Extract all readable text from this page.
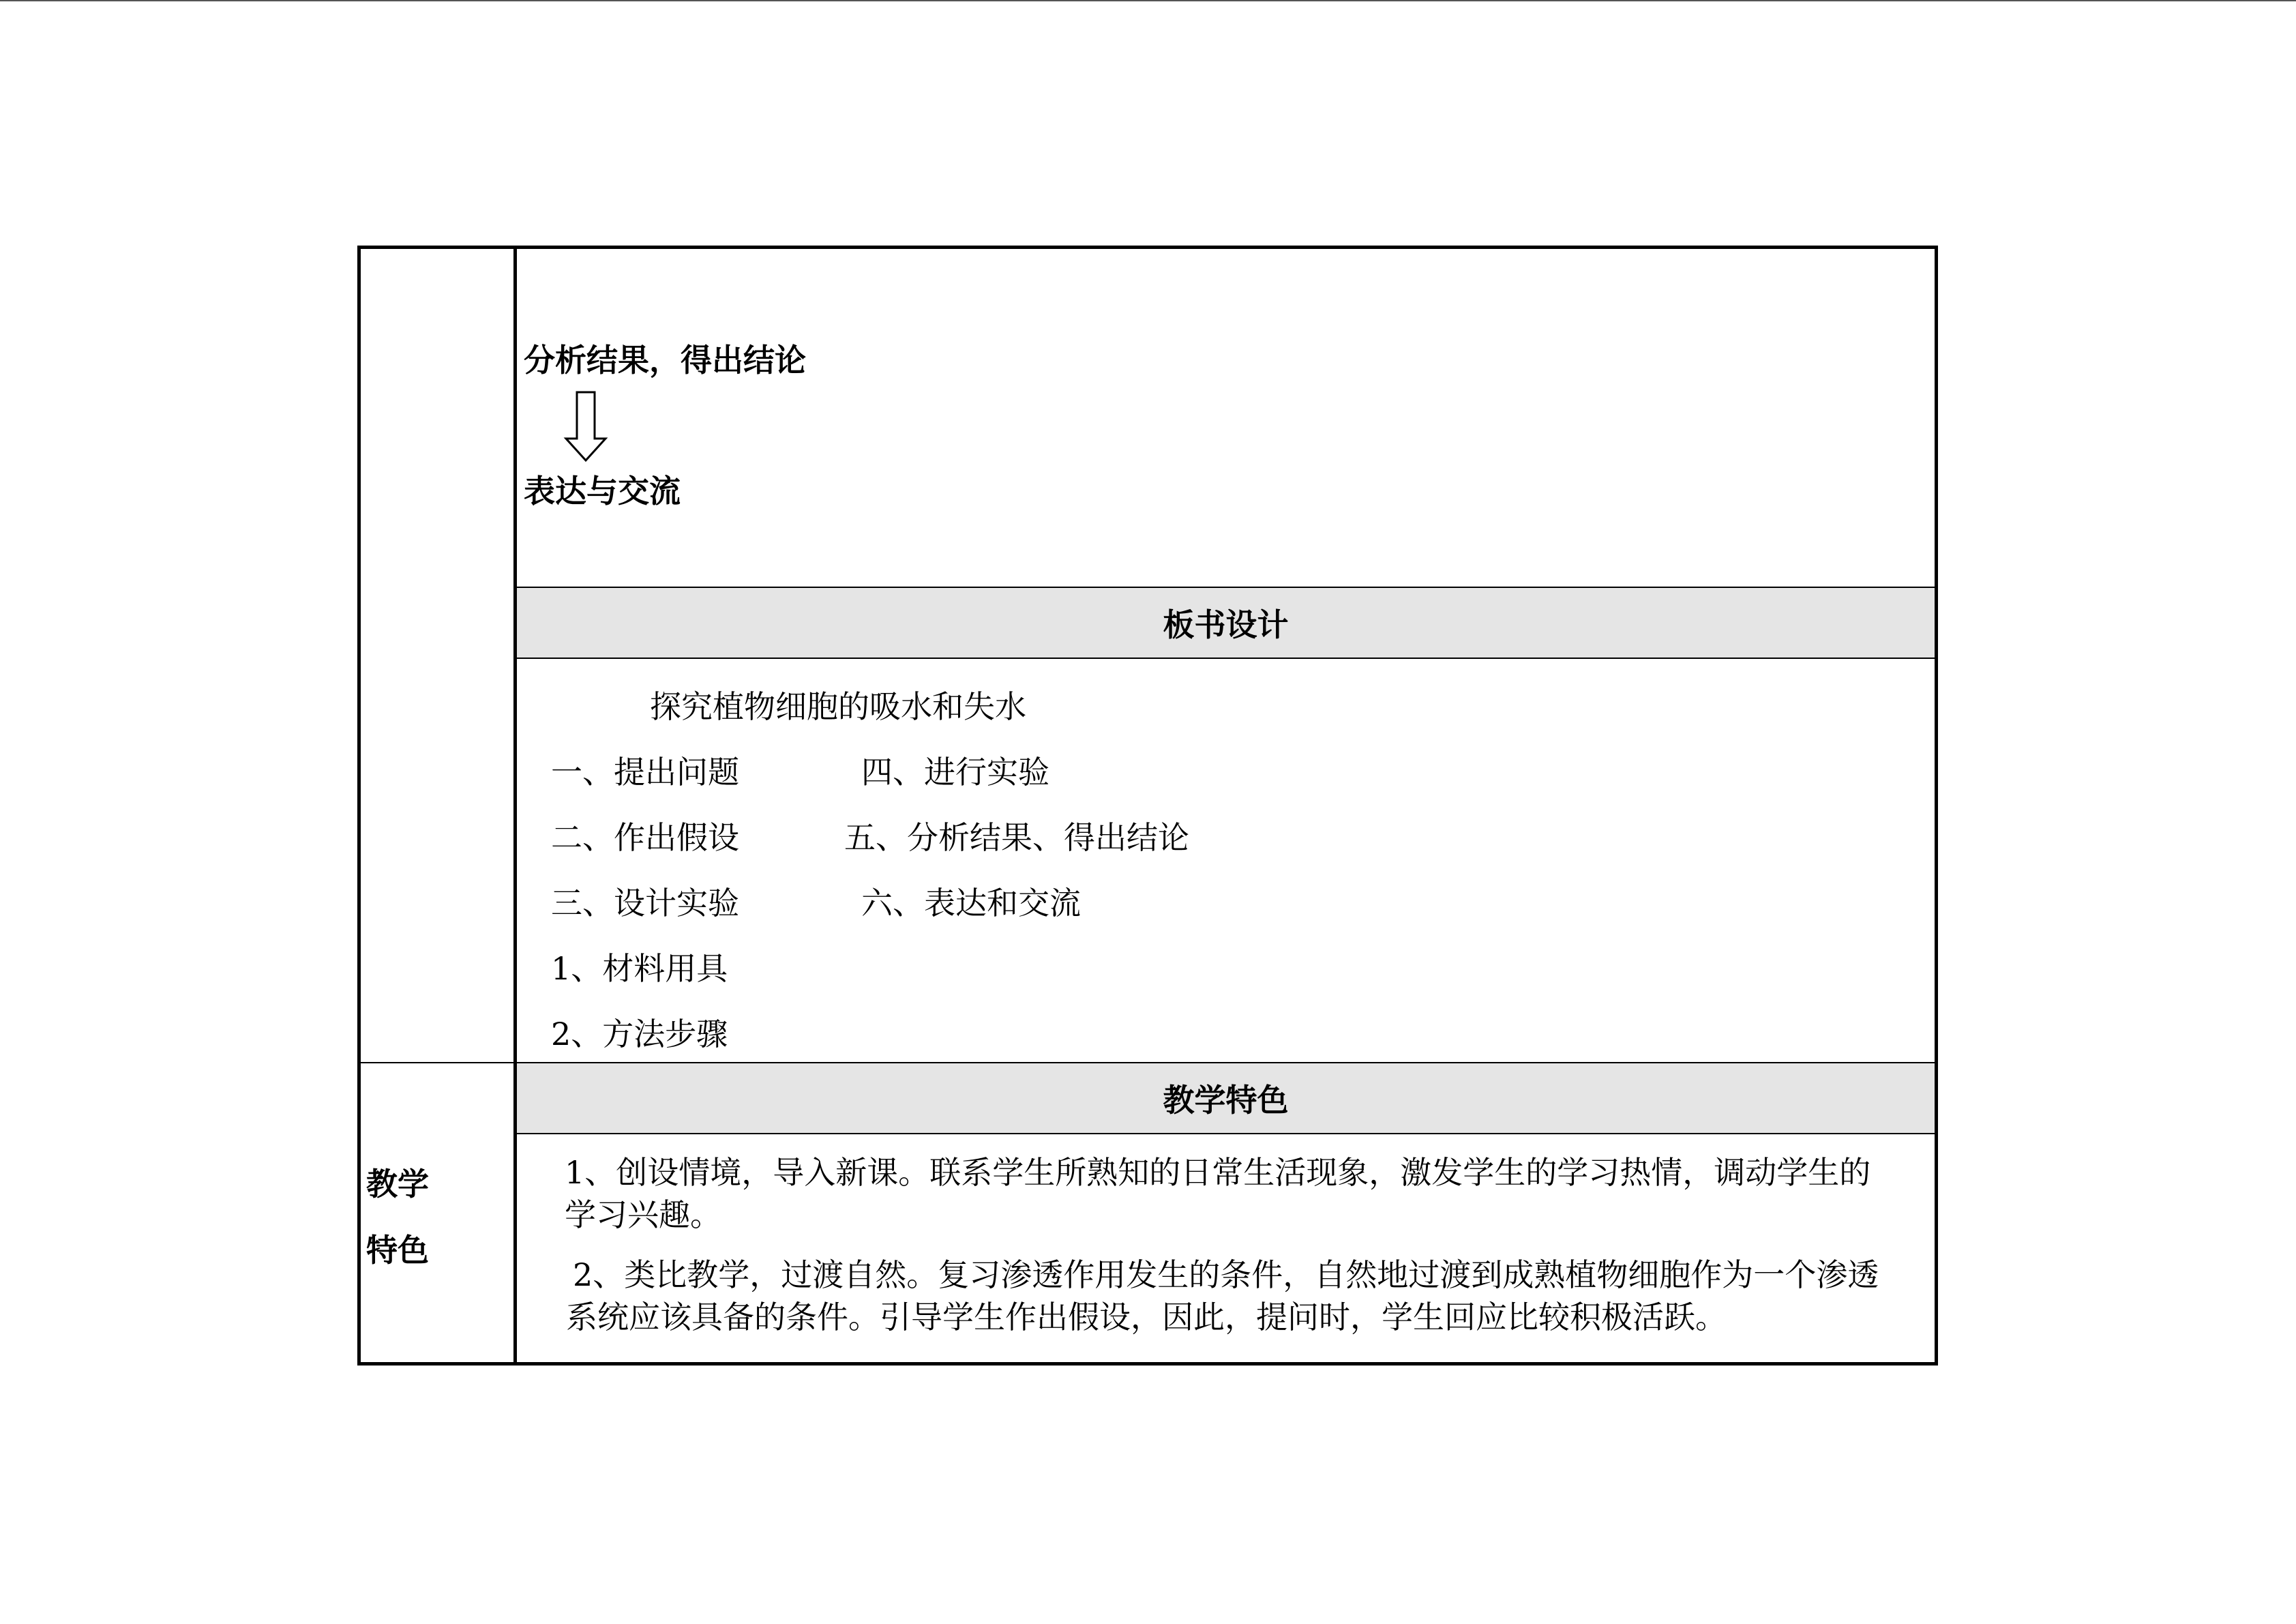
教学
特色
分析结果，得出结论
表达与交流
板书设计
探究植物细胞的吸水和失水
一、提出问题	四、进行实验
二、作出假设	五、分析结果、得出结论
三、设计实验	六、表达和交流
1、材料用具
2、方法步骤
教学特色
1、创设情境，导入新课。联系学生所熟知的日常生活现象，激发学生的学习热情，调动学生的学习兴趣。
2、类比教学，过渡自然。复习渗透作用发生的条件，自然地过渡到成熟植物细胞作为一个渗透系统应该具备的条件。引导学生作出假设，因此，提问时，学生回应比较积极活跃。
